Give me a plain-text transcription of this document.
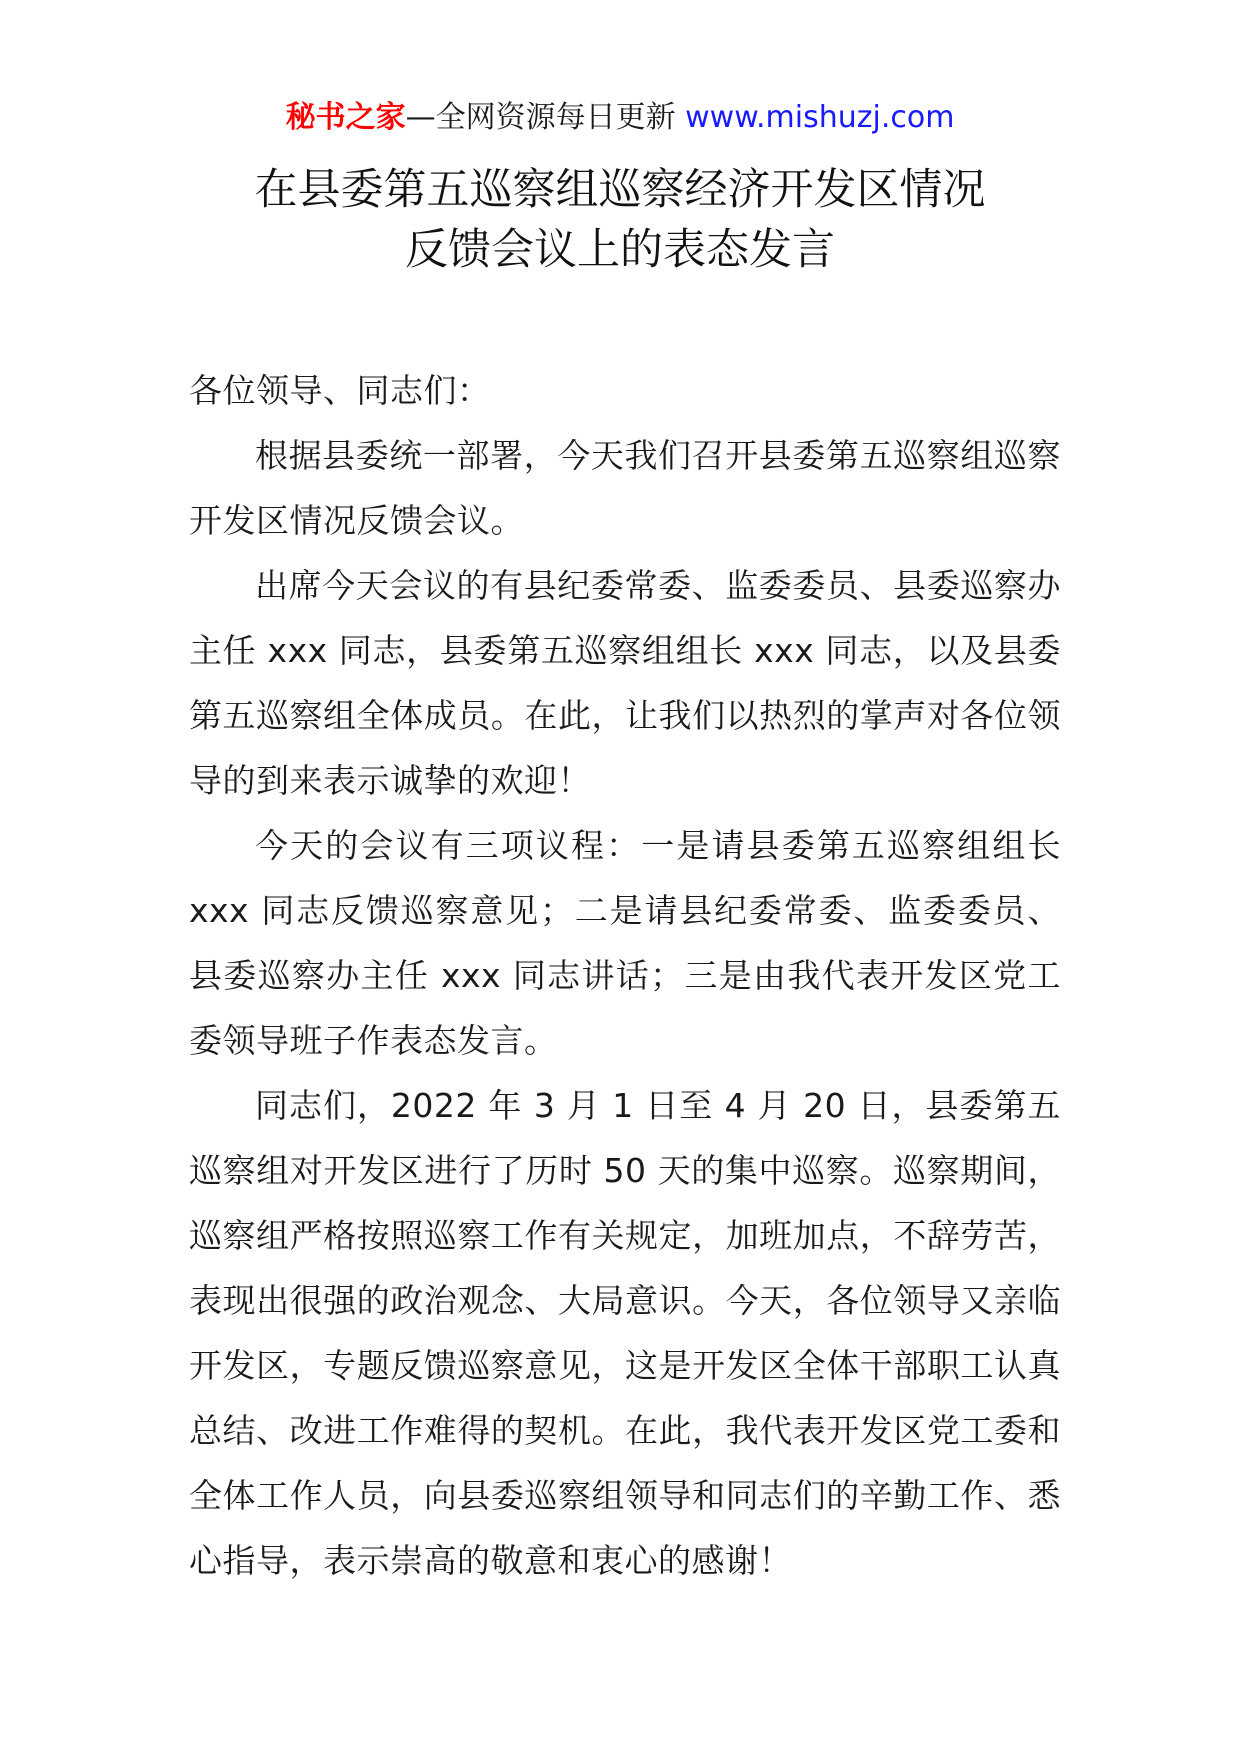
秘书之家—全网资源每日更新 www.mishuzj.com
在县委第五巡察组巡察经济开发区情况
反馈会议上的表态发言

各位领导、同志们：

根据县委统一部署，今天我们召开县委第五巡察组巡察开发区情况反馈会议。

出席今天会议的有县纪委常委、监委委员、县委巡察办主任 xxx 同志，县委第五巡察组组长 xxx 同志，以及县委第五巡察组全体成员。在此，让我们以热烈的掌声对各位领导的到来表示诚挚的欢迎！

今天的会议有三项议程：一是请县委第五巡察组组长 xxx 同志反馈巡察意见；二是请县纪委常委、监委委员、县委巡察办主任 xxx 同志讲话；三是由我代表开发区党工委领导班子作表态发言。

同志们，2022 年 3 月 1 日至 4 月 20 日，县委第五巡察组对开发区进行了历时 50 天的集中巡察。巡察期间，巡察组严格按照巡察工作有关规定，加班加点，不辞劳苦，表现出很强的政治观念、大局意识。今天，各位领导又亲临开发区，专题反馈巡察意见，这是开发区全体干部职工认真总结、改进工作难得的契机。在此，我代表开发区党工委和全体工作人员，向县委巡察组领导和同志们的辛勤工作、悉心指导，表示崇高的敬意和衷心的感谢！
